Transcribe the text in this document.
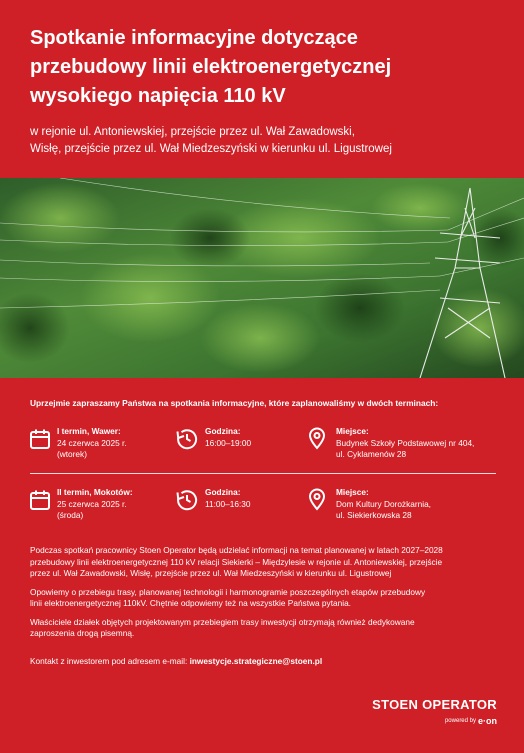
Spotkanie informacyjne dotyczące
przebudowy linii elektroenergetycznej
wysokiego napięcia 110 kV

w rejonie ul. Antoniewskiej, przejście przez ul. Wał Zawadowski,
Wisłę, przejście przez ul. Wał Miedzeszyński w kierunku ul. Ligustrowej

Uprzejmie zapraszamy Państwa na spotkania informacyjne, które zaplanowaliśmy w dwóch terminach:
I termin, Wawer:
24 czerwca 2025 r.
(wtorek)
Godzina:
16:00–19:00
Miejsce:
Budynek Szkoły Podstawowej nr 404,
ul. Cyklamenów 28
II termin, Mokotów:
25 czerwca 2025 r.
(środa)
Godzina:
11:00–16:30
Miejsce:
Dom Kultury Dorożkarnia,
ul. Siekierkowska 28

Podczas spotkań pracownicy Stoen Operator będą udzielać informacji na temat planowanej w latach 2027–2028
przebudowy linii elektroenergetycznej 110 kV relacji Siekierki – Międzylesie w rejonie ul. Antoniewskiej, przejście
przez ul. Wał Zawadowski, Wisłę, przejście przez ul. Wał Miedzeszyński w kierunku ul. Ligustrowej

Opowiemy o przebiegu trasy, planowanej technologii i harmonogramie poszczególnych etapów przebudowy
linii elektroenergetycznej 110kV. Chętnie odpowiemy też na wszystkie Państwa pytania.

Właściciele działek objętych projektowanym przebiegiem trasy inwestycji otrzymają również dedykowane
zaproszenia drogą pisemną.

Kontakt z inwestorem pod adresem e-mail: inwestycje.strategiczne@stoen.pl
STOEN OPERATOR
powered by e·on
